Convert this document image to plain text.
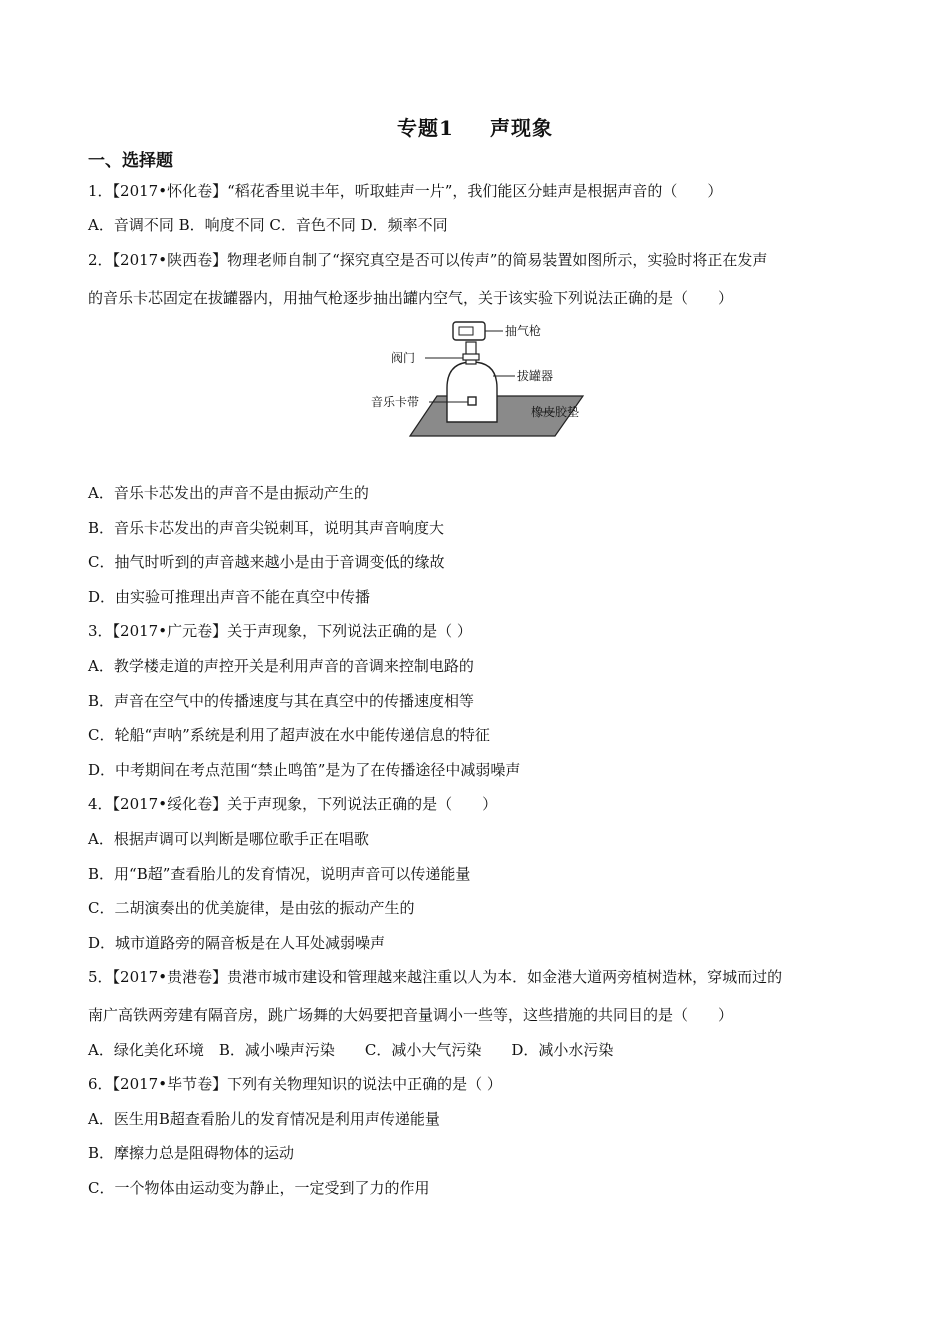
专题1 声现象
一、选择题
1．【2017•怀化卷】“稻花香里说丰年，听取蛙声一片”，我们能区分蛙声是根据声音的（　　）
A．音调不同 B．响度不同 C．音色不同 D．频率不同
2．【2017•陕西卷】物理老师自制了“探究真空是否可以传声”的简易装置如图所示，实验时将正在发声
的音乐卡芯固定在拔罐器内，用抽气枪逐步抽出罐内空气，关于该实验下列说法正确的是（　　）
抽气枪
阀门
拔罐器
音乐卡带
橡皮胶垫
A．音乐卡芯发出的声音不是由振动产生的
B．音乐卡芯发出的声音尖锐刺耳，说明其声音响度大
C．抽气时听到的声音越来越小是由于音调变低的缘故
D．由实验可推理出声音不能在真空中传播
3．【2017•广元卷】关于声现象，下列说法正确的是（ ）
A．教学楼走道的声控开关是利用声音的音调来控制电路的
B．声音在空气中的传播速度与其在真空中的传播速度相等
C．轮船“声呐”系统是利用了超声波在水中能传递信息的特征
D．中考期间在考点范围“禁止鸣笛”是为了在传播途径中减弱噪声
4．【2017•绥化卷】关于声现象，下列说法正确的是（　　）
A．根据声调可以判断是哪位歌手正在唱歌
B．用“B超”查看胎儿的发育情况，说明声音可以传递能量
C．二胡演奏出的优美旋律，是由弦的振动产生的
D．城市道路旁的隔音板是在人耳处减弱噪声
5．【2017•贵港卷】贵港市城市建设和管理越来越注重以人为本．如金港大道两旁植树造林，穿城而过的
南广高铁两旁建有隔音房，跳广场舞的大妈要把音量调小一些等，这些措施的共同目的是（　　）
A．绿化美化环境　B．减小噪声污染　　C．减小大气污染　　D．减小水污染
6．【2017•毕节卷】下列有关物理知识的说法中正确的是（ ）
A．医生用B超查看胎儿的发育情况是利用声传递能量
B．摩擦力总是阻碍物体的运动
C．一个物体由运动变为静止，一定受到了力的作用
